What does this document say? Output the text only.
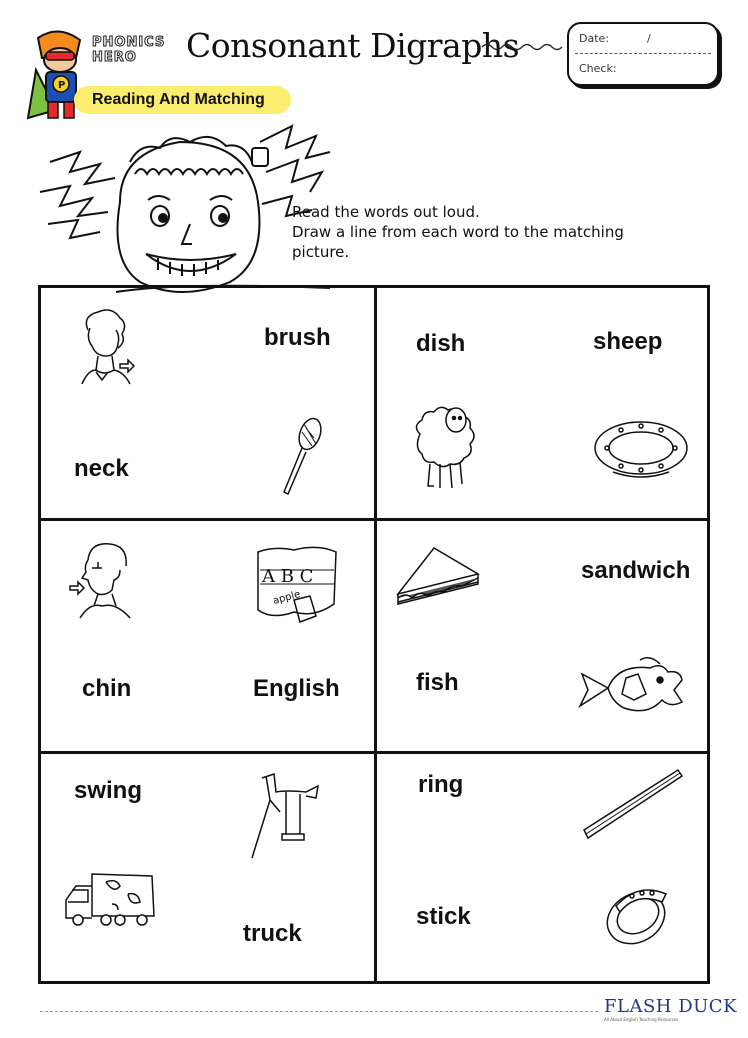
P
PHONICS
HERO Consonant Digraphs	Date:	/
Check:
Reading And Matching
Read the words out loud.
Draw a line from each word to the matching
picture.
brush
neck
dish	sheep
chin	English
A B C
apple
sandwich
fish
swing
truck
ring
stick
FLASH DUCK
All About English Teaching Resources
